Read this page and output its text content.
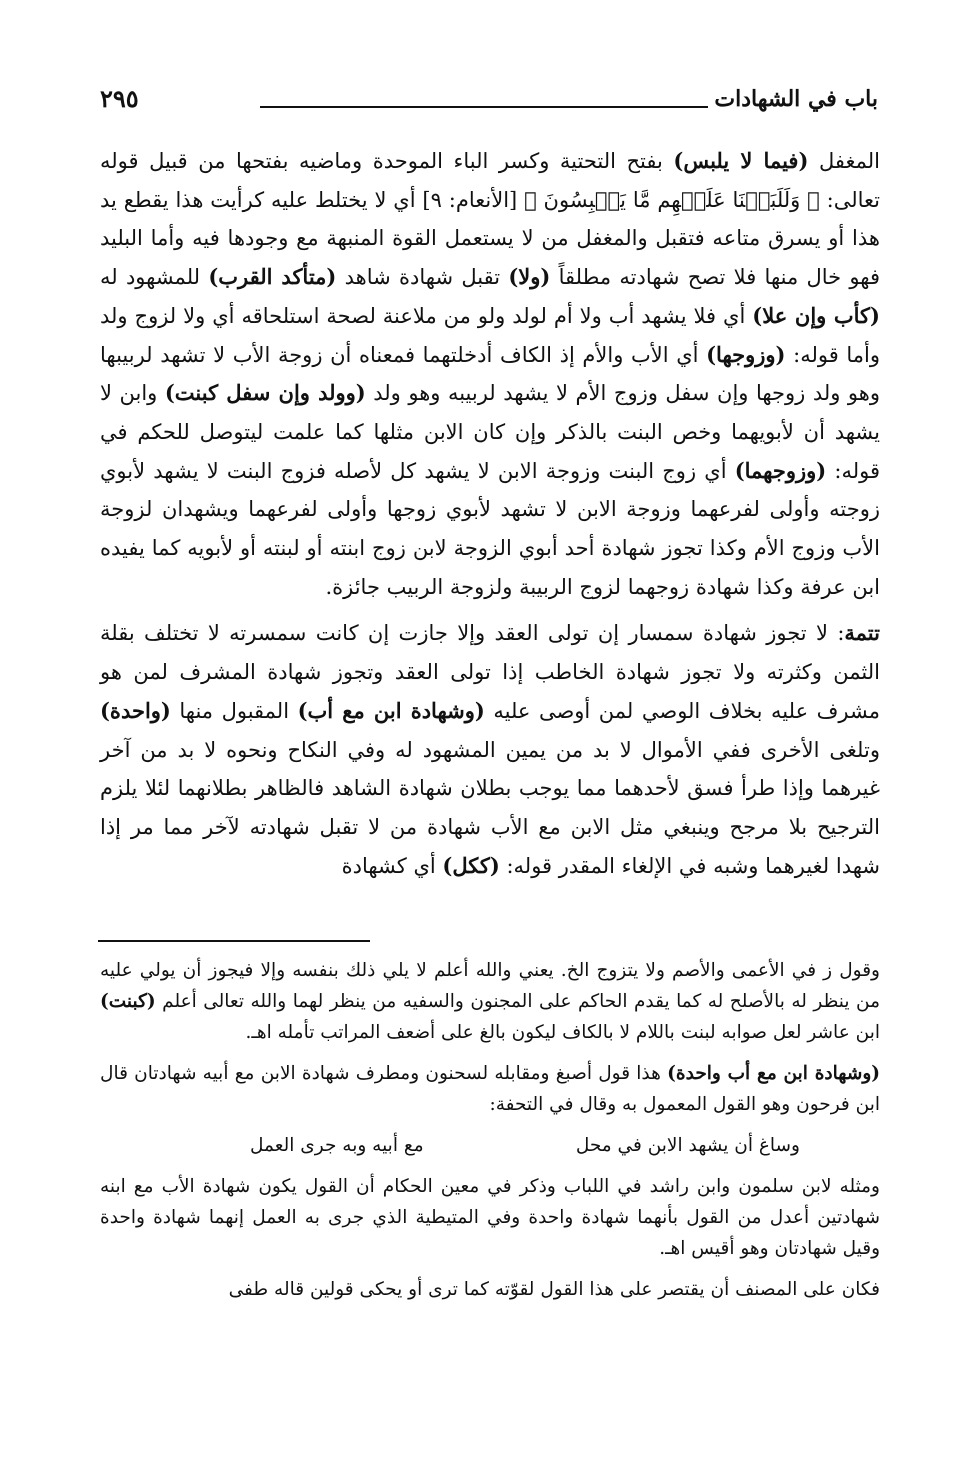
باب في الشهادات
٢٩٥

المغفل (فيما لا يلبس) بفتح التحتية وكسر الباء الموحدة وماضيه بفتحها من قبيل قوله تعالى: ﴿ وَلَلَبَسۡنَا عَلَيۡهِم مَّا يَلۡبِسُونَ ﴾ [الأنعام: ٩] أي لا يختلط عليه كرأيت هذا يقطع يد هذا أو يسرق متاعه فتقبل والمغفل من لا يستعمل القوة المنبهة مع وجودها فيه وأما البليد فهو خال منها فلا تصح شهادته مطلقاً (ولا) تقبل شهادة شاهد (متأكد القرب) للمشهود له (كأب وإن علا) أي فلا يشهد أب ولا أم لولد ولو من ملاعنة لصحة استلحاقه أي ولا لزوج ولد وأما قوله: (وزوجها) أي الأب والأم إذ الكاف أدخلتهما فمعناه أن زوجة الأب لا تشهد لربيبها وهو ولد زوجها وإن سفل وزوج الأم لا يشهد لربيبه وهو ولد (وولد وإن سفل كبنت) وابن لا يشهد أن لأبويهما وخص البنت بالذكر وإن كان الابن مثلها كما علمت ليتوصل للحكم في قوله: (وزوجهما) أي زوج البنت وزوجة الابن لا يشهد كل لأصله فزوج البنت لا يشهد لأبوي زوجته وأولى لفرعهما وزوجة الابن لا تشهد لأبوي زوجها وأولى لفرعهما ويشهدان لزوجة الأب وزوج الأم وكذا تجوز شهادة أحد أبوي الزوجة لابن زوج ابنته أو لبنته أو لأبويه كما يفيده ابن عرفة وكذا شهادة زوجهما لزوج الربيبة ولزوجة الربيب جائزة.

تتمة: لا تجوز شهادة سمسار إن تولى العقد وإلا جازت إن كانت سمسرته لا تختلف بقلة الثمن وكثرته ولا تجوز شهادة الخاطب إذا تولى العقد وتجوز شهادة المشرف لمن هو مشرف عليه بخلاف الوصي لمن أوصى عليه (وشهادة ابن مع أب) المقبول منها (واحدة) وتلغى الأخرى ففي الأموال لا بد من يمين المشهود له وفي النكاح ونحوه لا بد من آخر غيرهما وإذا طرأ فسق لأحدهما مما يوجب بطلان شهادة الشاهد فالظاهر بطلانهما لئلا يلزم الترجيح بلا مرجح وينبغي مثل الابن مع الأب شهادة من لا تقبل شهادته لآخر مما مر إذا شهدا لغيرهما وشبه في الإلغاء المقدر قوله: (ككل) أي كشهادة

وقول ز في الأعمى والأصم ولا يتزوج الخ. يعني والله أعلم لا يلي ذلك بنفسه وإلا فيجوز أن يولي عليه من ينظر له بالأصلح له كما يقدم الحاكم على المجنون والسفيه من ينظر لهما والله تعالى أعلم (كبنت) ابن عاشر لعل صوابه لبنت باللام لا بالكاف ليكون بالغ على أضعف المراتب تأمله اهـ.

(وشهادة ابن مع أب واحدة) هذا قول أصبغ ومقابله لسحنون ومطرف شهادة الابن مع أبيه شهادتان قال ابن فرحون وهو القول المعمول به وقال في التحفة:

وساغ أن يشهد الابن في محل
مع أبيه وبه جرى العمل

ومثله لابن سلمون وابن راشد في اللباب وذكر في معين الحكام أن القول يكون شهادة الأب مع ابنه شهادتين أعدل من القول بأنهما شهادة واحدة وفي المتيطية الذي جرى به العمل إنهما شهادة واحدة وقيل شهادتان وهو أقيس اهـ.

فكان على المصنف أن يقتصر على هذا القول لقوّته كما ترى أو يحكى قولين قاله طفى
